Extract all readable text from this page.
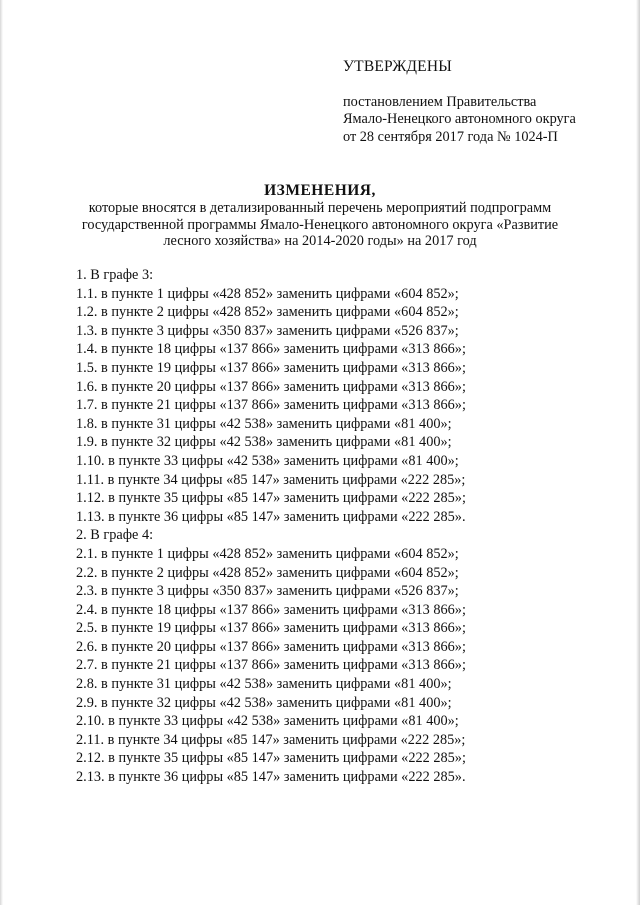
УТВЕРЖДЕНЫ
постановлением Правительства
Ямало-Ненецкого автономного округа
от 28 сентября 2017 года № 1024-П
ИЗМЕНЕНИЯ,
которые вносятся в детализированный перечень мероприятий подпрограмм
государственной программы Ямало-Ненецкого автономного округа «Развитие
лесного хозяйства» на 2014-2020 годы» на 2017 год
1. В графе 3:
1.1. в пункте 1 цифры «428 852» заменить цифрами «604 852»;
1.2. в пункте 2 цифры «428 852» заменить цифрами «604 852»;
1.3. в пункте 3 цифры «350 837» заменить цифрами «526 837»;
1.4. в пункте 18 цифры «137 866» заменить цифрами «313 866»;
1.5. в пункте 19 цифры «137 866» заменить цифрами «313 866»;
1.6. в пункте 20 цифры «137 866» заменить цифрами «313 866»;
1.7. в пункте 21 цифры «137 866» заменить цифрами «313 866»;
1.8. в пункте 31 цифры «42 538» заменить цифрами «81 400»;
1.9. в пункте 32 цифры «42 538» заменить цифрами «81 400»;
1.10. в пункте 33 цифры «42 538» заменить цифрами «81 400»;
1.11. в пункте 34 цифры «85 147» заменить цифрами «222 285»;
1.12. в пункте 35 цифры «85 147» заменить цифрами «222 285»;
1.13. в пункте 36 цифры «85 147» заменить цифрами «222 285».
2. В графе 4:
2.1. в пункте 1 цифры «428 852» заменить цифрами «604 852»;
2.2. в пункте 2 цифры «428 852» заменить цифрами «604 852»;
2.3. в пункте 3 цифры «350 837» заменить цифрами «526 837»;
2.4. в пункте 18 цифры «137 866» заменить цифрами «313 866»;
2.5. в пункте 19 цифры «137 866» заменить цифрами «313 866»;
2.6. в пункте 20 цифры «137 866» заменить цифрами «313 866»;
2.7. в пункте 21 цифры «137 866» заменить цифрами «313 866»;
2.8. в пункте 31 цифры «42 538» заменить цифрами «81 400»;
2.9. в пункте 32 цифры «42 538» заменить цифрами «81 400»;
2.10. в пункте 33 цифры «42 538» заменить цифрами «81 400»;
2.11. в пункте 34 цифры «85 147» заменить цифрами «222 285»;
2.12. в пункте 35 цифры «85 147» заменить цифрами «222 285»;
2.13. в пункте 36 цифры «85 147» заменить цифрами «222 285».
